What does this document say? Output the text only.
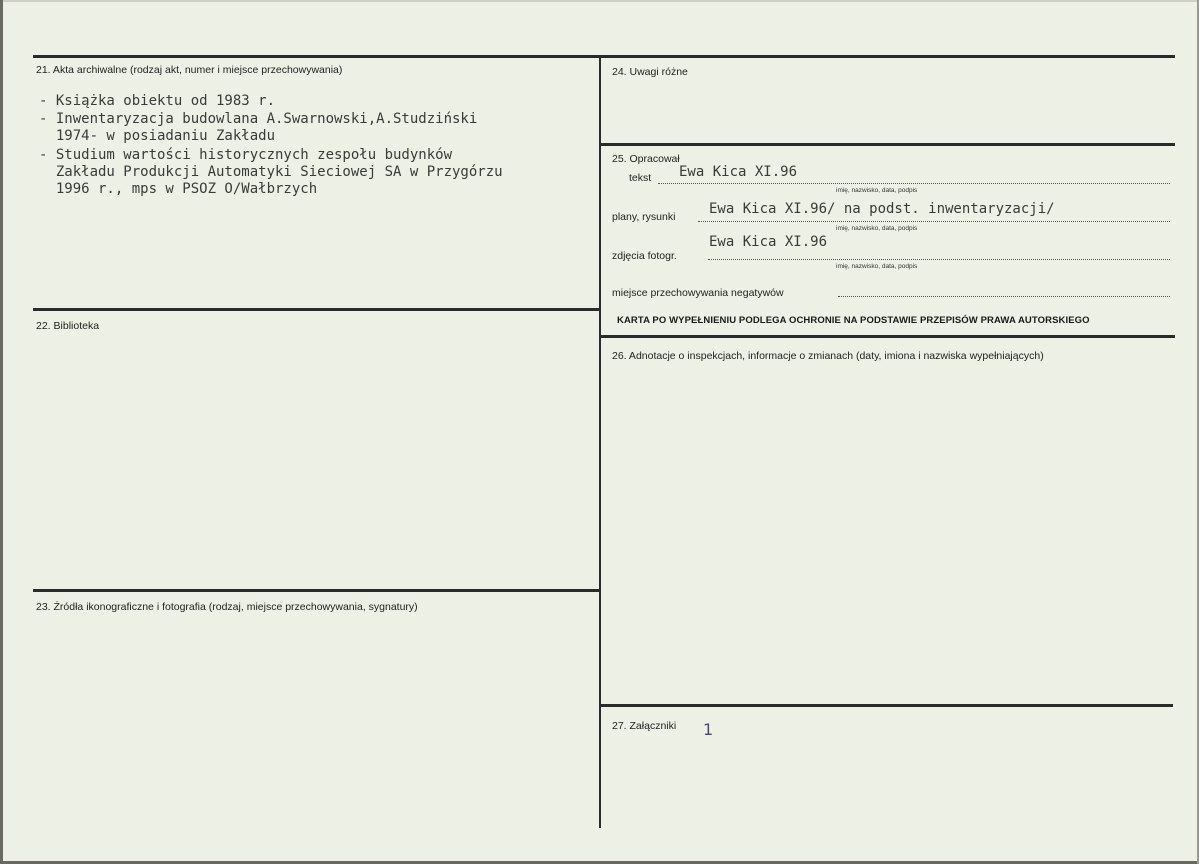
21. Akta archiwalne (rodzaj akt, numer i miejsce przechowywania)
- Książka obiektu od 1983 r.
- Inwentaryzacja budowlana A.Swarnowski,A.Studziński
1974- w posiadaniu Zakładu
- Studium wartości historycznych zespołu budynków
Zakładu Produkcji Automatyki Sieciowej SA w Przygórzu
1996 r., mps w PSOZ O/Wałbrzych
22. Biblioteka
23. Źródła ikonograficzne i fotografia (rodzaj, miejsce przechowywania, sygnatury)
24. Uwagi różne
25. Opracował
tekst Ewa Kica XI.96
imię, nazwisko, data, podpis
plany, rysunki Ewa Kica XI.96/ na podst. inwentaryzacji/
imię, nazwisko, data, podpis
Ewa Kica XI.96
zdjęcia fotogr.
imię, nazwisko, data, podpis
miejsce przechowywania negatywów
KARTA PO WYPEŁNIENIU PODLEGA OCHRONIE NA PODSTAWIE PRZEPISÓW PRAWA AUTORSKIEGO
26. Adnotacje o inspekcjach, informacje o zmianach (daty, imiona i nazwiska wypełniających)
27. Załączniki 1
